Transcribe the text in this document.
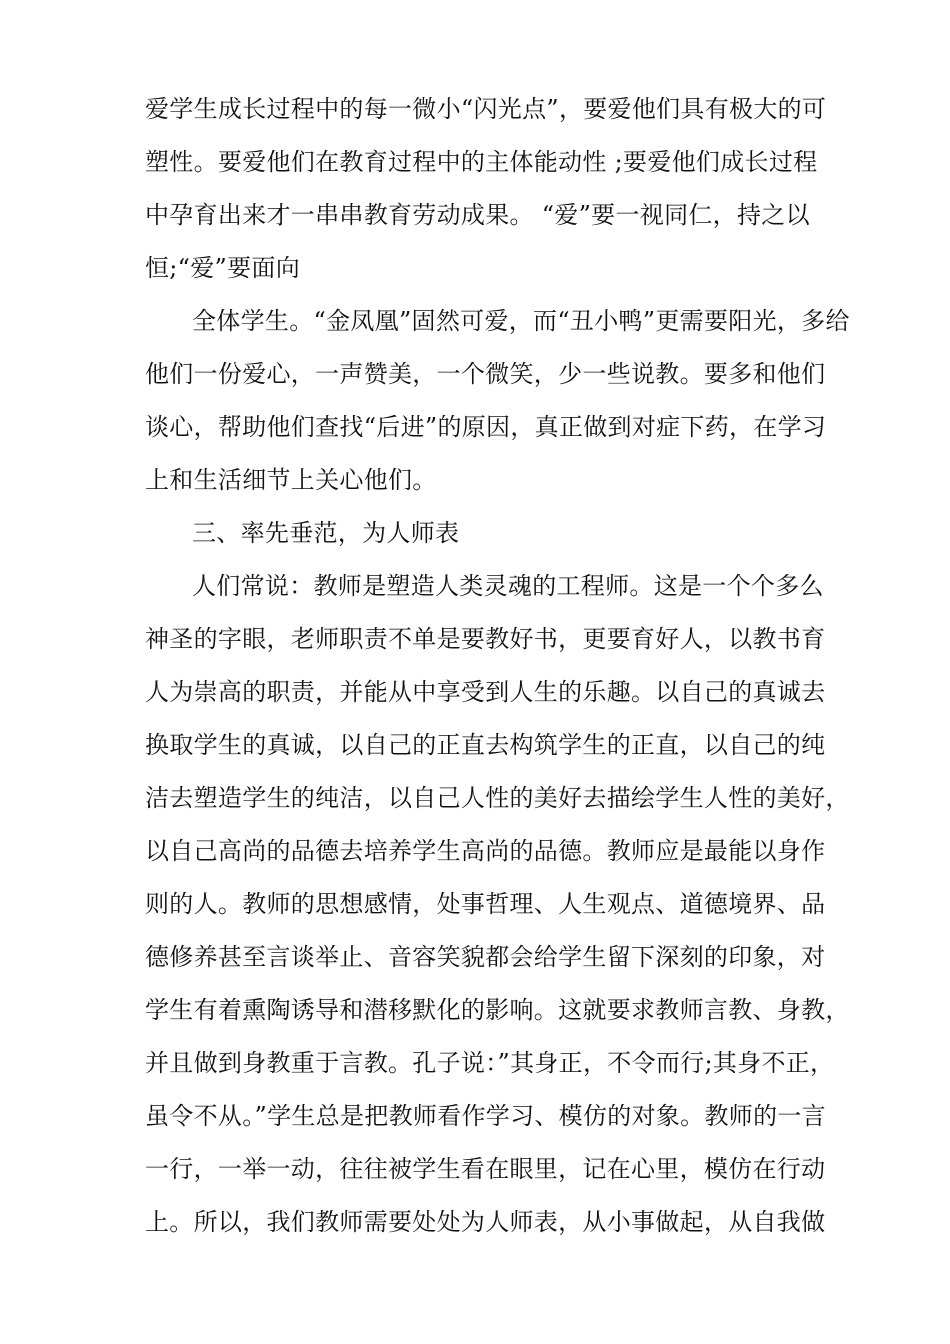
爱学生成长过程中的每一微小“闪光点”，要爱他们具有极大的可
塑性。要爱他们在教育过程中的主体能动性 ;要爱他们成长过程
中孕育出来才一串串教育劳动成果。 “爱”要一视同仁，持之以
恒;“爱”要面向
全体学生。“金凤凰”固然可爱，而“丑小鸭”更需要阳光，多给
他们一份爱心，一声赞美，一个微笑，少一些说教。要多和他们
谈心，帮助他们查找“后进”的原因，真正做到对症下药，在学习
上和生活细节上关心他们。
三、率先垂范，为人师表
人们常说：教师是塑造人类灵魂的工程师。这是一个个多么
神圣的字眼，老师职责不单是要教好书，更要育好人，以教书育
人为崇高的职责，并能从中享受到人生的乐趣。以自己的真诚去
换取学生的真诚，以自己的正直去构筑学生的正直，以自己的纯
洁去塑造学生的纯洁，以自己人性的美好去描绘学生人性的美好，
以自己高尚的品德去培养学生高尚的品德。教师应是最能以身作
则的人。教师的思想感情，处事哲理、人生观点、道德境界、品
德修养甚至言谈举止、音容笑貌都会给学生留下深刻的印象，对
学生有着熏陶诱导和潜移默化的影响。这就要求教师言教、身教，
并且做到身教重于言教。孔子说：”其身正，不令而行;其身不正，
虽令不从。”学生总是把教师看作学习、模仿的对象。教师的一言
一行，一举一动，往往被学生看在眼里，记在心里，模仿在行动
上。所以，我们教师需要处处为人师表，从小事做起，从自我做
